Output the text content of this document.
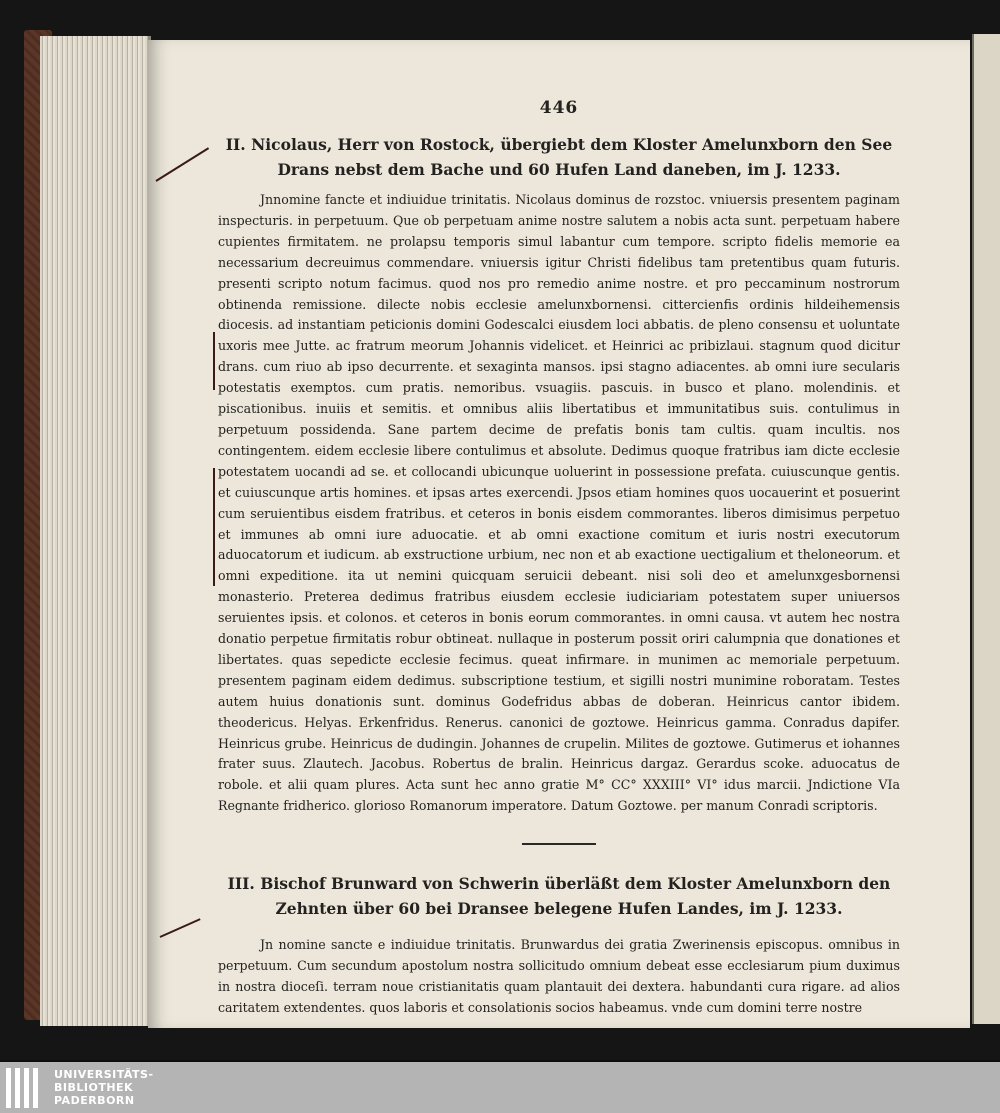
446
II. Nicolaus, Herr von Rostock, übergiebt dem Kloster Amelunxborn den See Drans nebst dem Bache und 60 Hufen Land daneben, im J. 1233.

Jnnomine fancte et indiuidue trinitatis. Nicolaus dominus de rozstoc. vniuersis presentem paginam inspecturis. in perpetuum. Que ob perpetuam anime nostre salutem a nobis acta sunt. perpetuam habere cupientes firmitatem. ne prolapsu temporis simul labantur cum tempore. scripto fidelis memorie ea necessarium decreuimus commendare. vniuersis igitur Christi fidelibus tam pretentibus quam futuris. presenti scripto notum facimus. quod nos pro remedio anime nostre. et pro peccaminum nostrorum obtinenda remissione. dilecte nobis ecclesie amelunxbornensi. cittercienfis ordinis hildeihemensis diocesis. ad instantiam peticionis domini Godescalci eiusdem loci abbatis. de pleno consensu et uoluntate uxoris mee Jutte. ac fratrum meorum Johannis videlicet. et Heinrici ac pribizlaui. stagnum quod dicitur drans. cum riuo ab ipso decurrente. et sexaginta mansos. ipsi stagno adiacentes. ab omni iure secularis potestatis exemptos. cum pratis. nemoribus. vsuagiis. pascuis. in busco et plano. molendinis. et piscationibus. inuiis et semitis. et omnibus aliis libertatibus et immunitatibus suis. contulimus in perpetuum possidenda. Sane partem decime de prefatis bonis tam cultis. quam incultis. nos contingentem. eidem ecclesie libere contulimus et absolute. Dedimus quoque fratribus iam dicte ecclesie potestatem uocandi ad se. et collocandi ubicunque uoluerint in possessione prefata. cuiuscunque gentis. et cuiuscunque artis homines. et ipsas artes exercendi. Jpsos etiam homines quos uocauerint et posuerint cum seruientibus eisdem fratribus. et ceteros in bonis eisdem commorantes. liberos dimisimus perpetuo et immunes ab omni iure aduocatie. et ab omni exactione comitum et iuris nostri executorum aduocatorum et iudicum. ab exstructione urbium, nec non et ab exactione uectigalium et theloneorum. et omni expeditione. ita ut nemini quicquam seruicii debeant. nisi soli deo et amelunxgesbornensi monasterio. Preterea dedimus fratribus eiusdem ecclesie iudiciariam potestatem super uniuersos seruientes ipsis. et colonos. et ceteros in bonis eorum commorantes. in omni causa. vt autem hec nostra donatio perpetue firmitatis robur obtineat. nullaque in posterum possit oriri calumpnia que donationes et libertates. quas sepedicte ecclesie fecimus. queat infirmare. in munimen ac memoriale perpetuum. presentem paginam eidem dedimus. subscriptione testium, et sigilli nostri munimine roboratam. Testes autem huius donationis sunt. dominus Godefridus abbas de doberan. Heinricus cantor ibidem. theodericus. Helyas. Erkenfridus. Renerus. canonici de goztowe. Heinricus gamma. Conradus dapifer. Heinricus grube. Heinricus de dudingin. Johannes de crupelin. Milites de goztowe. Gutimerus et iohannes frater suus. Zlautech. Jacobus. Robertus de bralin. Heinricus dargaz. Gerardus scoke. aduocatus de robole. et alii quam plures. Acta sunt hec anno gratie M° CC° XXXIII° VI° idus marcii. Jndictione VIa Regnante fridherico. glorioso Romanorum imperatore. Datum Goztowe. per manum Conradi scriptoris.

III. Bischof Brunward von Schwerin überläßt dem Kloster Amelunxborn den Zehnten über 60 bei Dransee belegene Hufen Landes, im J. 1233.

Jn nomine sancte e indiuidue trinitatis. Brunwardus dei gratia Zwerinensis episcopus. omnibus in perpetuum. Cum secundum apostolum nostra sollicitudo omnium debeat esse ecclesiarum pium duximus in nostra dioceſi. terram noue cristianitatis quam plantauit dei dextera. habundanti cura rigare. ad alios caritatem extendentes. quos laboris et consolationis socios habeamus. vnde cum domini terre nostre

UNIVERSITÄTS-
BIBLIOTHEK
PADERBORN
